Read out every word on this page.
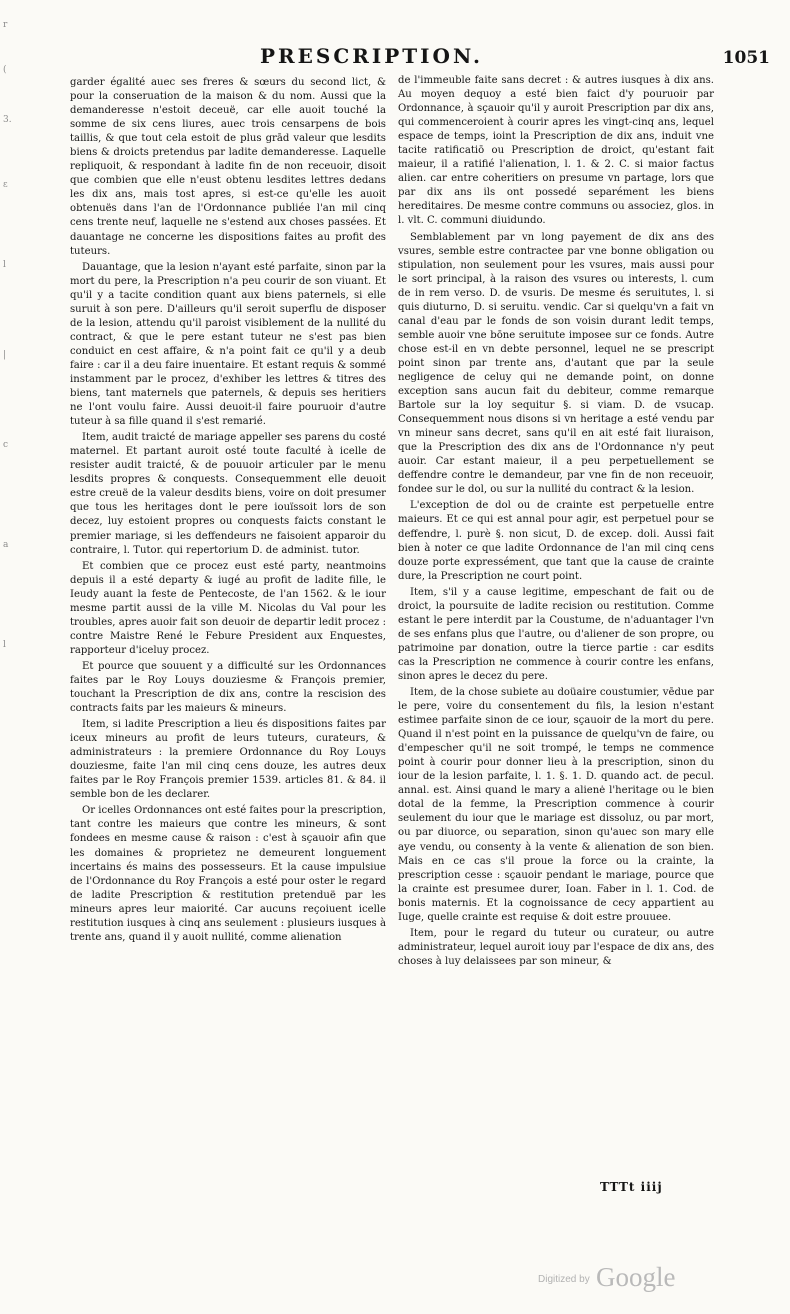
r
(
3.
ε
l
|
c
a
l
PRESCRIPTION.	1051

garder égalité auec ses freres & sœurs du second lict, & pour la conseruation de la maison & du nom. Aussi que la demanderesse n'estoit deceuë, car elle auoit touché la somme de six cens liures, auec trois censarpens de bois taillis, & que tout cela estoit de plus grād valeur que lesdits biens & droicts pretendus par ladite demanderesse. Laquelle repliquoit, & respondant à ladite fin de non receuoir, disoit que combien que elle n'eust obtenu lesdites lettres dedans les dix ans, mais tost apres, si est-ce qu'elle les auoit obtenuës dans l'an de l'Ordonnance publiée l'an mil cinq cens trente neuf, laquelle ne s'estend aux choses passées. Et dauantage ne concerne les dispositions faites au profit des tuteurs.

Dauantage, que la lesion n'ayant esté parfaite, sinon par la mort du pere, la Prescription n'a peu courir de son viuant. Et qu'il y a tacite condition quant aux biens paternels, si elle suruit à son pere. D'ailleurs qu'il seroit superflu de disposer de la lesion, attendu qu'il paroist visiblement de la nullité du contract, & que le pere estant tuteur ne s'est pas bien conduict en cest affaire, & n'a point fait ce qu'il y a deub faire : car il a deu faire inuentaire. Et estant requis & sommé instamment par le procez, d'exhiber les lettres & titres des biens, tant maternels que paternels, & depuis ses heritiers ne l'ont voulu faire. Aussi deuoit-il faire pouruoir d'autre tuteur à sa fille quand il s'est remarié.

Item, audit traicté de mariage appeller ses parens du costé maternel. Et partant auroit osté toute faculté à icelle de resister audit traicté, & de pouuoir articuler par le menu lesdits propres & conquests. Consequemment elle deuoit estre creuë de la valeur desdits biens, voire on doit presumer que tous les heritages dont le pere iouïssoit lors de son decez, luy estoient propres ou conquests faicts constant le premier mariage, si les deffendeurs ne faisoient apparoir du contraire, l. Tutor. qui repertorium D. de administ. tutor.

Et combien que ce procez eust esté party, neantmoins depuis il a esté departy & iugé au profit de ladite fille, le Ieudy auant la feste de Pentecoste, de l'an 1562. & le iour mesme partit aussi de la ville M. Nicolas du Val pour les troubles, apres auoir fait son deuoir de departir ledit procez : contre Maistre René le Febure President aux Enquestes, rapporteur d'iceluy procez.

Et pource que souuent y a difficulté sur les Ordonnances faites par le Roy Louys douziesme & François premier, touchant la Prescription de dix ans, contre la rescision des contracts faits par les maieurs & mineurs.

Item, si ladite Prescription a lieu és dispositions faites par iceux mineurs au profit de leurs tuteurs, curateurs, & administrateurs : la premiere Ordonnance du Roy Louys douziesme, faite l'an mil cinq cens douze, les autres deux faites par le Roy François premier 1539. articles 81. & 84. il semble bon de les declarer.

Or icelles Ordonnances ont esté faites pour la prescription, tant contre les maieurs que contre les mineurs, & sont fondees en mesme cause & raison : c'est à sçauoir afin que les domaines & proprietez ne demeurent longuement incertains és mains des possesseurs. Et la cause impulsiue de l'Ordonnance du Roy François a esté pour oster le regard de ladite Prescription & restitution pretenduë par les mineurs apres leur maiorité. Car aucuns reçoiuent icelle restitution iusques à cinq ans seulement : plusieurs iusques à trente ans, quand il y auoit nullité, comme alienation

de l'immeuble faite sans decret : & autres iusques à dix ans. Au moyen dequoy a esté bien faict d'y pouruoir par Ordonnance, à sçauoir qu'il y auroit Prescription par dix ans, qui commenceroient à courir apres les vingt-cinq ans, lequel espace de temps, ioint la Prescription de dix ans, induit vne tacite ratificatiō ou Prescription de droict, qu'estant fait maieur, il a ratifié l'alienation, l. 1. & 2. C. si maior factus alien. car entre coheritiers on presume vn partage, lors que par dix ans ils ont possedé separément les biens hereditaires. De mesme contre communs ou associez, glos. in l. vlt. C. communi diuidundo.

Semblablement par vn long payement de dix ans des vsures, semble estre contractee par vne bonne obligation ou stipulation, non seulement pour les vsures, mais aussi pour le sort principal, à la raison des vsures ou interests, l. cum de in rem verso. D. de vsuris. De mesme és seruitutes, l. si quis diuturno, D. si seruitu. vendic. Car si quelqu'vn a fait vn canal d'eau par le fonds de son voisin durant ledit temps, semble auoir vne bōne seruitute imposee sur ce fonds. Autre chose est-il en vn debte personnel, lequel ne se prescript point sinon par trente ans, d'autant que par la seule negligence de celuy qui ne demande point, on donne exception sans aucun fait du debiteur, comme remarque Bartole sur la loy sequitur §. si viam. D. de vsucap. Consequemment nous disons si vn heritage a esté vendu par vn mineur sans decret, sans qu'il en ait esté fait liuraison, que la Prescription des dix ans de l'Ordonnance n'y peut auoir. Car estant maieur, il a peu perpetuellement se deffendre contre le demandeur, par vne fin de non receuoir, fondee sur le dol, ou sur la nullité du contract & la lesion.

L'exception de dol ou de crainte est perpetuelle entre maieurs. Et ce qui est annal pour agir, est perpetuel pour se deffendre, l. purè §. non sicut, D. de excep. doli. Aussi fait bien à noter ce que ladite Ordonnance de l'an mil cinq cens douze porte expressément, que tant que la cause de crainte dure, la Prescription ne court point.

Item, s'il y a cause legitime, empeschant de fait ou de droict, la poursuite de ladite recision ou restitution. Comme estant le pere interdit par la Coustume, de n'aduantager l'vn de ses enfans plus que l'autre, ou d'aliener de son propre, ou patrimoine par donation, outre la tierce partie : car esdits cas la Prescription ne commence à courir contre les enfans, sinon apres le decez du pere.

Item, de la chose subiete au doüaire coustumier, vēdue par le pere, voire du consentement du fils, la lesion n'estant estimee parfaite sinon de ce iour, sçauoir de la mort du pere. Quand il n'est point en la puissance de quelqu'vn de faire, ou d'empescher qu'il ne soit trompé, le temps ne commence point à courir pour donner lieu à la prescription, sinon du iour de la lesion parfaite, l. 1. §. 1. D. quando act. de pecul. annal. est. Ainsi quand le mary a alienė l'heritage ou le bien dotal de la femme, la Prescription commence à courir seulement du iour que le mariage est dissoluz, ou par mort, ou par diuorce, ou separation, sinon qu'auec son mary elle aye vendu, ou consenty à la vente & alienation de son bien. Mais en ce cas s'il proue la force ou la crainte, la prescription cesse : sçauoir pendant le mariage, pource que la crainte est presumee durer, Ioan. Faber in l. 1. Cod. de bonis maternis. Et la cognoissance de cecy appartient au Iuge, quelle crainte est requise & doit estre prouuee.

Item, pour le regard du tuteur ou curateur, ou autre administrateur, lequel auroit iouy par l'espace de dix ans, des choses à luy delaissees par son mineur, &

TTTt iiij
Digitized by Google
